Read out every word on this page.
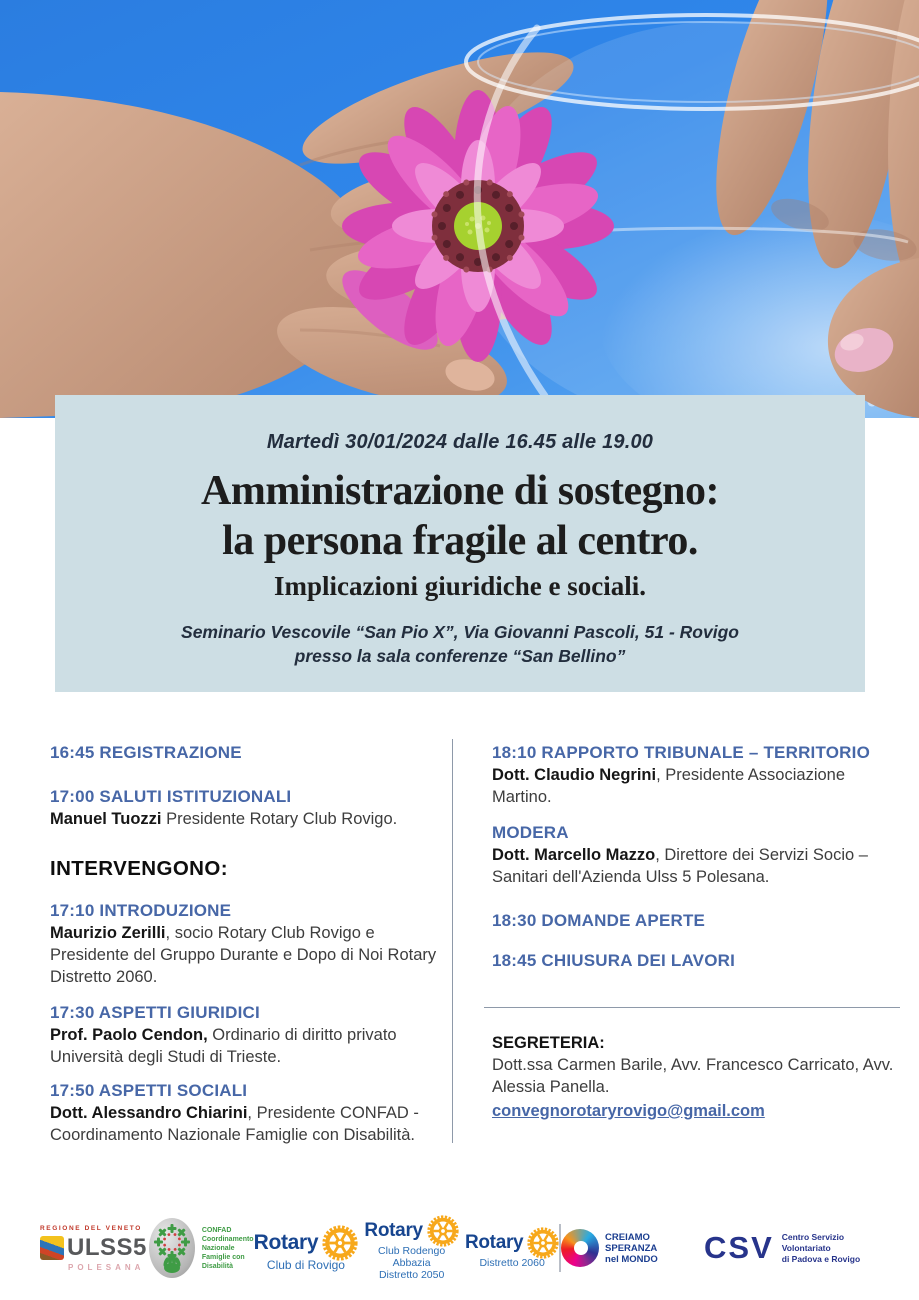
Martedì 30/01/2024 dalle 16.45 alle 19.00
Amministrazione di sostegno:
la persona fragile al centro.
Implicazioni giuridiche e sociali.
Seminario Vescovile “San Pio X”, Via Giovanni Pascoli, 51 - Rovigo
presso la sala conferenze “San Bellino”
16:45 REGISTRAZIONE
17:00 SALUTI ISTITUZIONALI

Manuel Tuozzi Presidente Rotary Club Rovigo.

INTERVENGONO:
17:10 INTRODUZIONE

Maurizio Zerilli, socio Rotary Club Rovigo e Presidente del Gruppo Durante e Dopo di Noi Rotary Distretto 2060.

17:30 ASPETTI GIURIDICI

Prof. Paolo Cendon, Ordinario di diritto privato Università degli Studi di Trieste.

17:50 ASPETTI SOCIALI

Dott. Alessandro Chiarini, Presidente CONFAD - Coordinamento Nazionale Famiglie con Disabilità.

18:10 RAPPORTO TRIBUNALE – TERRITORIO

Dott. Claudio Negrini, Presidente Associazione Martino.

MODERA

Dott. Marcello Mazzo, Direttore dei Servizi Socio – Sanitari dell'Azienda Ulss 5 Polesana.

18:30 DOMANDE APERTE
18:45 CHIUSURA DEI LAVORI
SEGRETERIA:
Dott.ssa Carmen Barile, Avv. Francesco Carricato, Avv. Alessia Panella.
convegnorotaryrovigo@gmail.com
REGIONE DEL VENETO
ULSS5
POLESANA
CONFAD
Coordinamento
Nazionale
Famiglie con
Disabilità
Rotary
Club di Rovigo
Rotary
Club Rodengo Abbazia
Distretto 2050
Rotary
Distretto 2060
CREIAMO SPERANZA
nel MONDO	CSV Centro Servizio Volontariato
di Padova e Rovigo
